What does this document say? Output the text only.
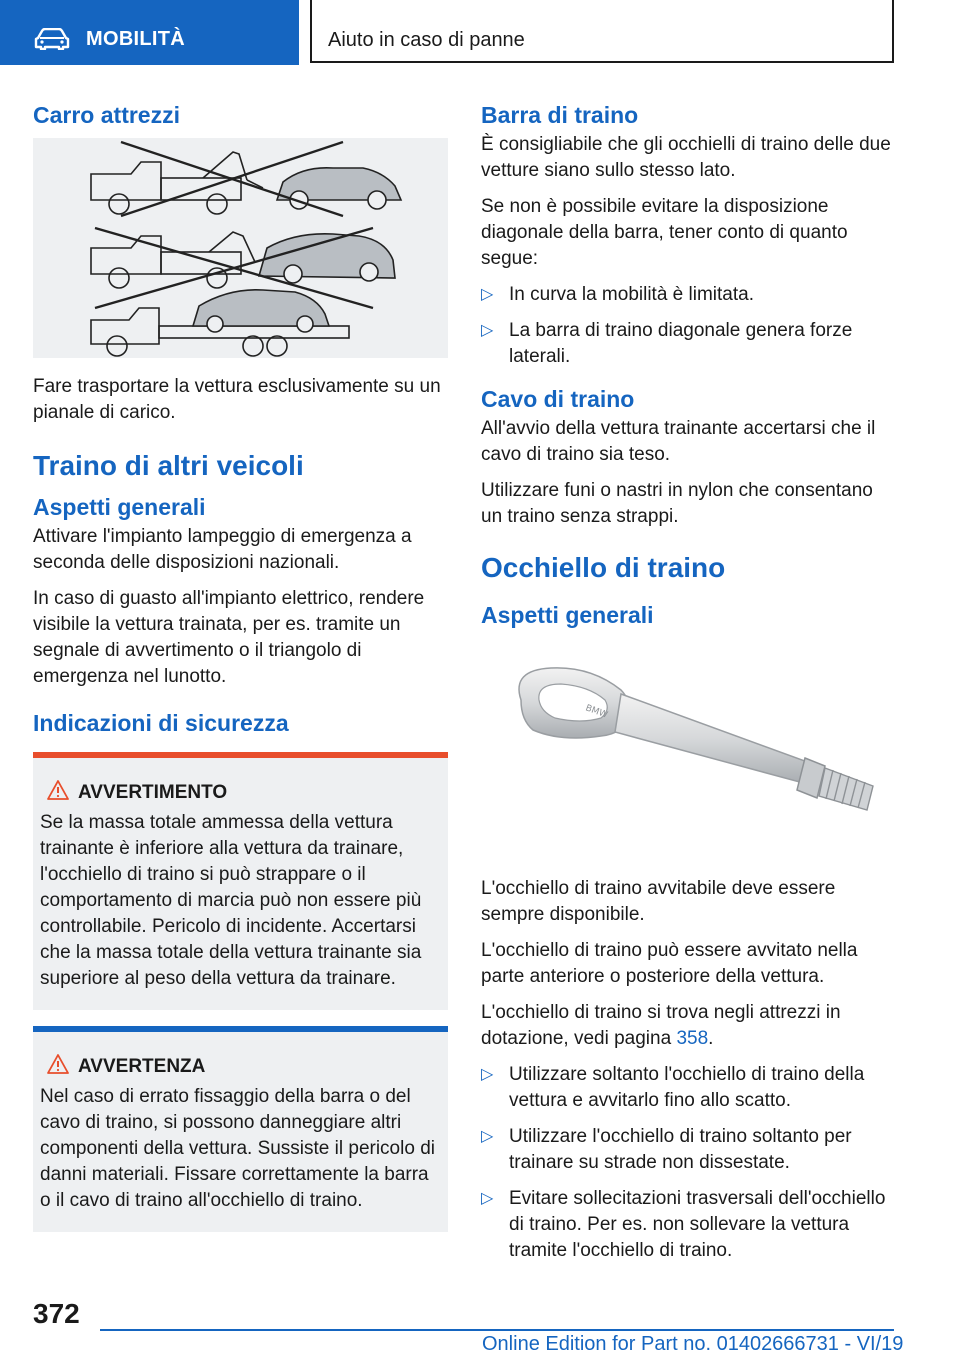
MOBILITÀ	Aiuto in caso di panne
Carro attrezzi

Fare trasportare la vettura esclusivamente su un pianale di carico.

Traino di altri veicoli
Aspetti generali

Attivare l'impianto lampeggio di emergenza a seconda delle disposizioni nazionali.

In caso di guasto all'impianto elettrico, rendere visibile la vettura trainata, per es. tramite un segnale di avvertimento o il triangolo di emergenza nel lunotto.

Indicazioni di sicurezza
AVVERTIMENTO

Se la massa totale ammessa della vettura trainante è inferiore alla vettura da trainare, l'occhiello di traino si può strappare o il comportamento di marcia può non essere più controllabile. Pericolo di incidente. Accertarsi che la massa totale della vettura trainante sia superiore al peso della vettura da trainare.

AVVERTENZA

Nel caso di errato fissaggio della barra o del cavo di traino, si possono danneggiare altri componenti della vettura. Sussiste il pericolo di danni materiali. Fissare correttamente la barra o il cavo di traino all'occhiello di traino.

Barra di traino

È consigliabile che gli occhielli di traino delle due vetture siano sullo stesso lato.

Se non è possibile evitare la disposizione diagonale della barra, tener conto di quanto segue:

▷ In curva la mobilità è limitata.
▷ La barra di traino diagonale genera forze laterali.
Cavo di traino

All'avvio della vettura trainante accertarsi che il cavo di traino sia teso.

Utilizzare funi o nastri in nylon che consentano un traino senza strappi.

Occhiello di traino
Aspetti generali
BMW

L'occhiello di traino avvitabile deve essere sempre disponibile.

L'occhiello di traino può essere avvitato nella parte anteriore o posteriore della vettura.

L'occhiello di traino si trova negli attrezzi in dotazione, vedi pagina 358.

▷ Utilizzare soltanto l'occhiello di traino della vettura e avvitarlo fino allo scatto.
▷ Utilizzare l'occhiello di traino soltanto per trainare su strade non dissestate.
▷ Evitare sollecitazioni trasversali dell'occhiello di traino. Per es. non sollevare la vettura tramite l'occhiello di traino.
372
Online Edition for Part no. 01402666731 - VI/19
